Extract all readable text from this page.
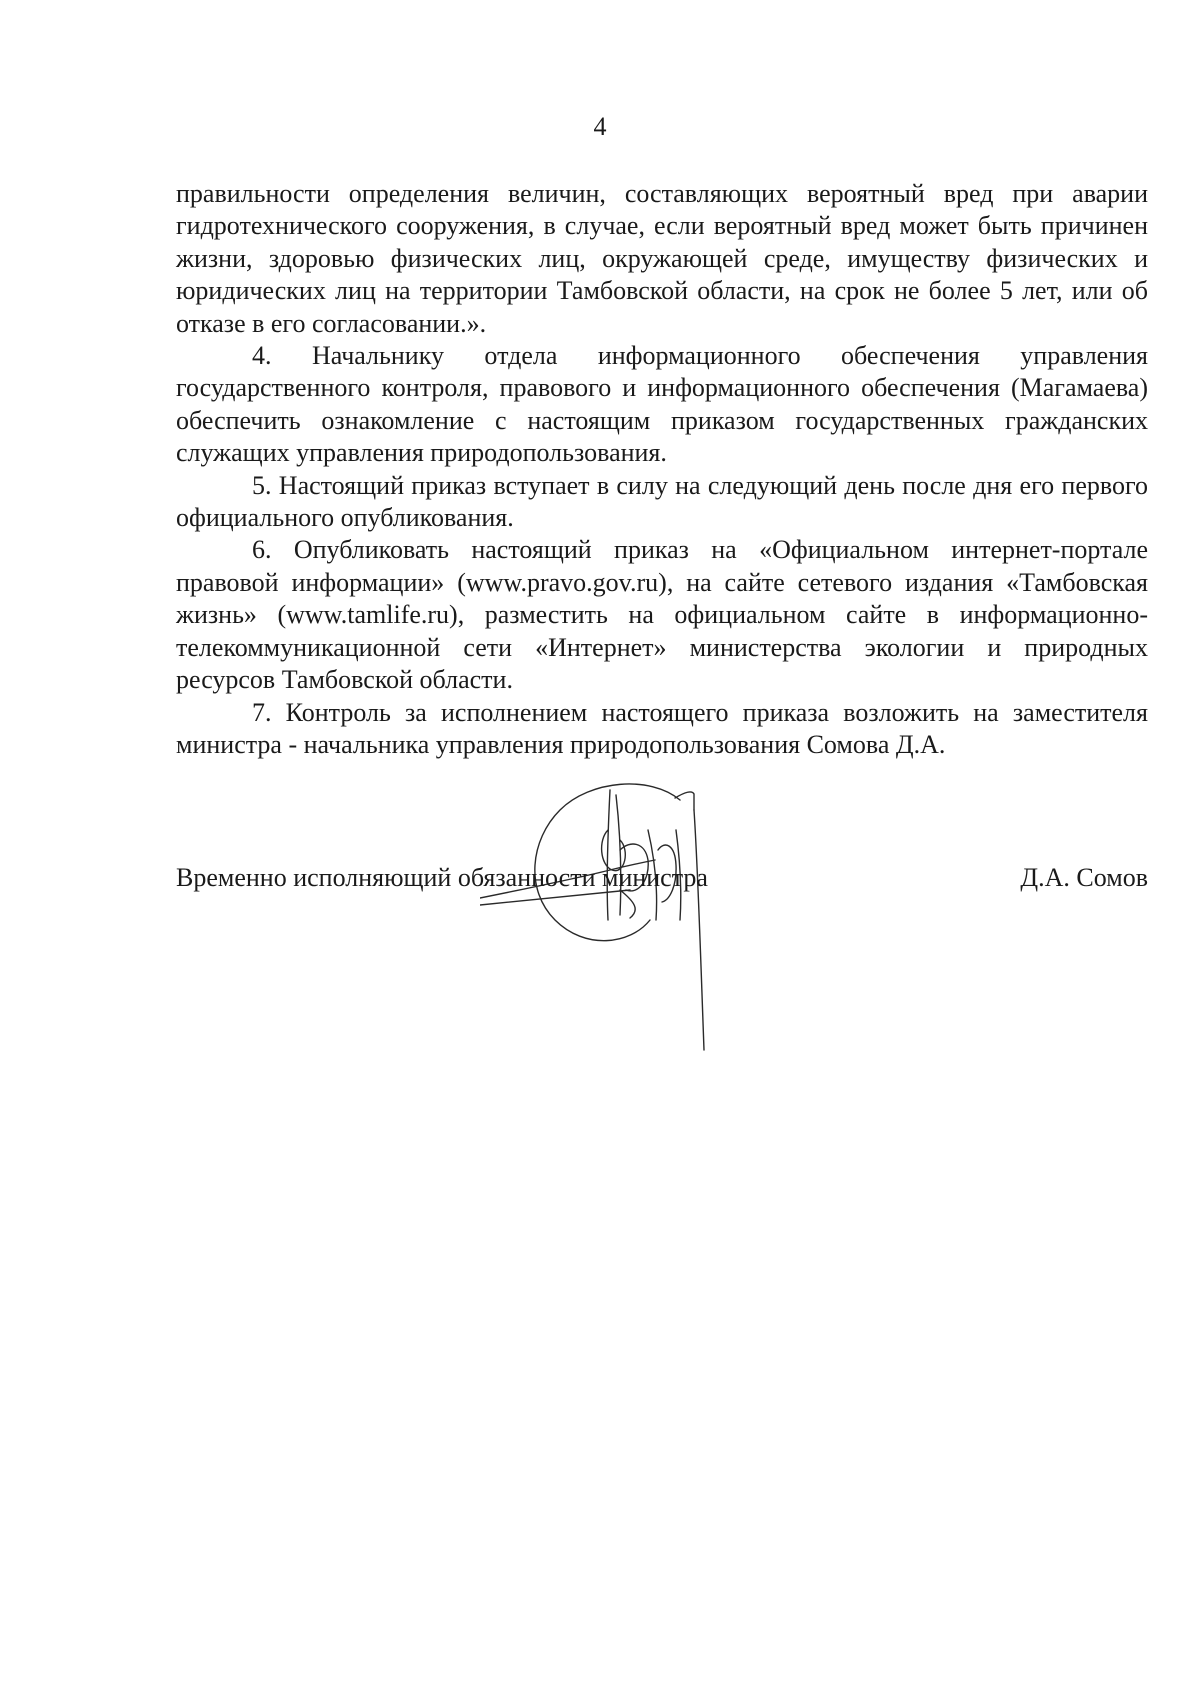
4

правильности определения величин, составляющих вероятный вред при аварии гидротехнического сооружения, в случае, если вероятный вред может быть причинен жизни, здоровью физических лиц, окружающей среде, имуществу физических и юридических лиц на территории Тамбовской области, на срок не более 5 лет, или об отказе в его согласовании.».

4. Начальнику отдела информационного обеспечения управления государственного контроля, правового и информационного обеспечения (Магамаева) обеспечить ознакомление с настоящим приказом государственных гражданских служащих управления природопользования.

5. Настоящий приказ вступает в силу на следующий день после дня его первого официального опубликования.

6. Опубликовать настоящий приказ на «Официальном интернет-портале правовой информации» (www.pravo.gov.ru), на сайте сетевого издания «Тамбовская жизнь» (www.tamlife.ru), разместить на официальном сайте в информационно-телекоммуникационной сети «Интернет» министерства экологии и природных ресурсов Тамбовской области.

7. Контроль за исполнением настоящего приказа возложить на заместителя министра - начальника управления природопользования Сомова Д.А.

Временно исполняющий обязанности министра	Д.А. Сомов
